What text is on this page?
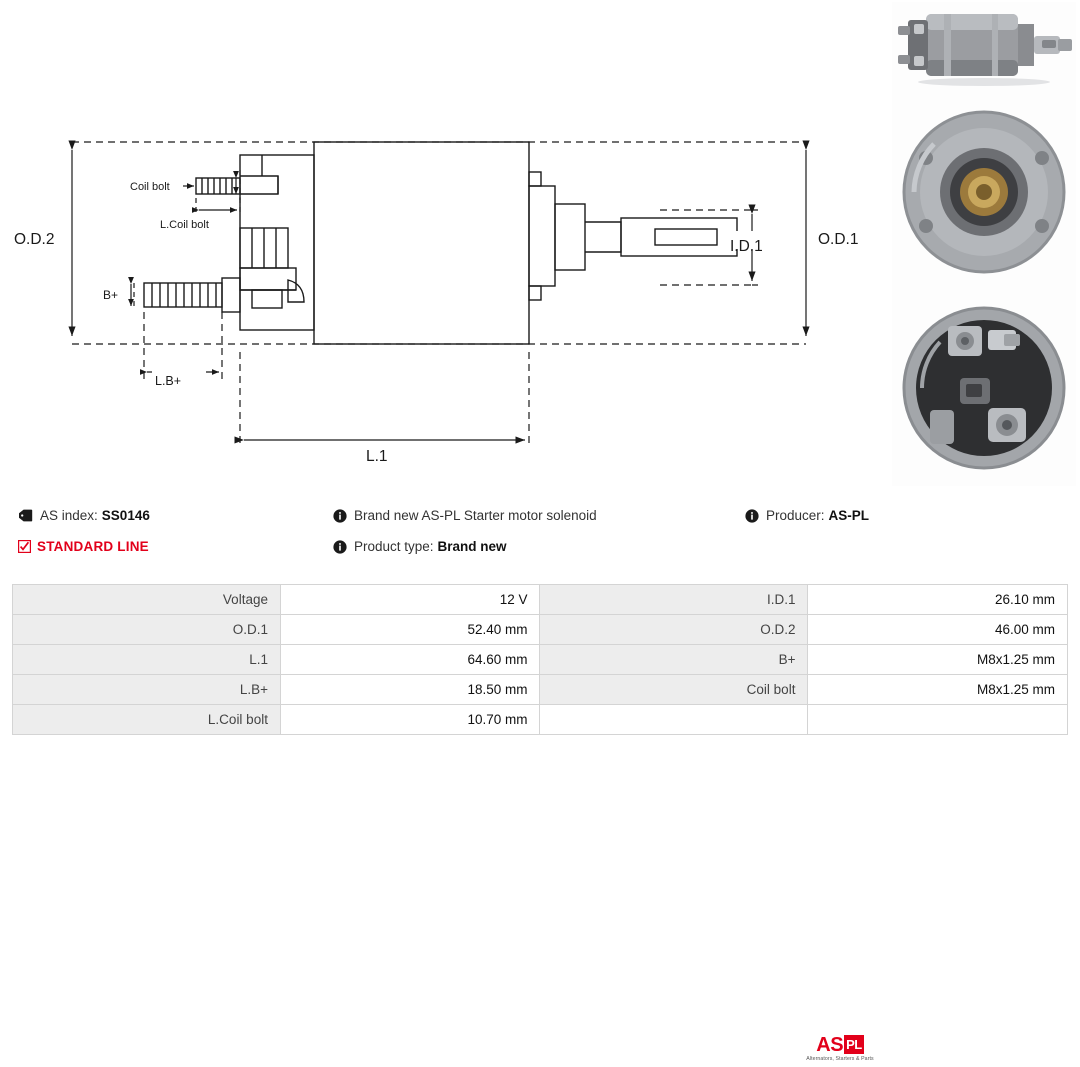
O.D.2	O.D.1
I.D.1
L.1
Coil bolt
L.Coil bolt
B+
L.B+
AS index: SS0146	Brand new AS-PL Starter motor solenoid	Producer: AS-PL
STANDARD LINE	Product type: Brand new
AS PL
Alternators, Starters & Parts
Voltage	12 V	I.D.1	26.10 mm
O.D.1	52.40 mm	O.D.2	46.00 mm
L.1	64.60 mm	B+	M8x1.25 mm
L.B+	18.50 mm	Coil bolt	M8x1.25 mm
L.Coil bolt	10.70 mm		
